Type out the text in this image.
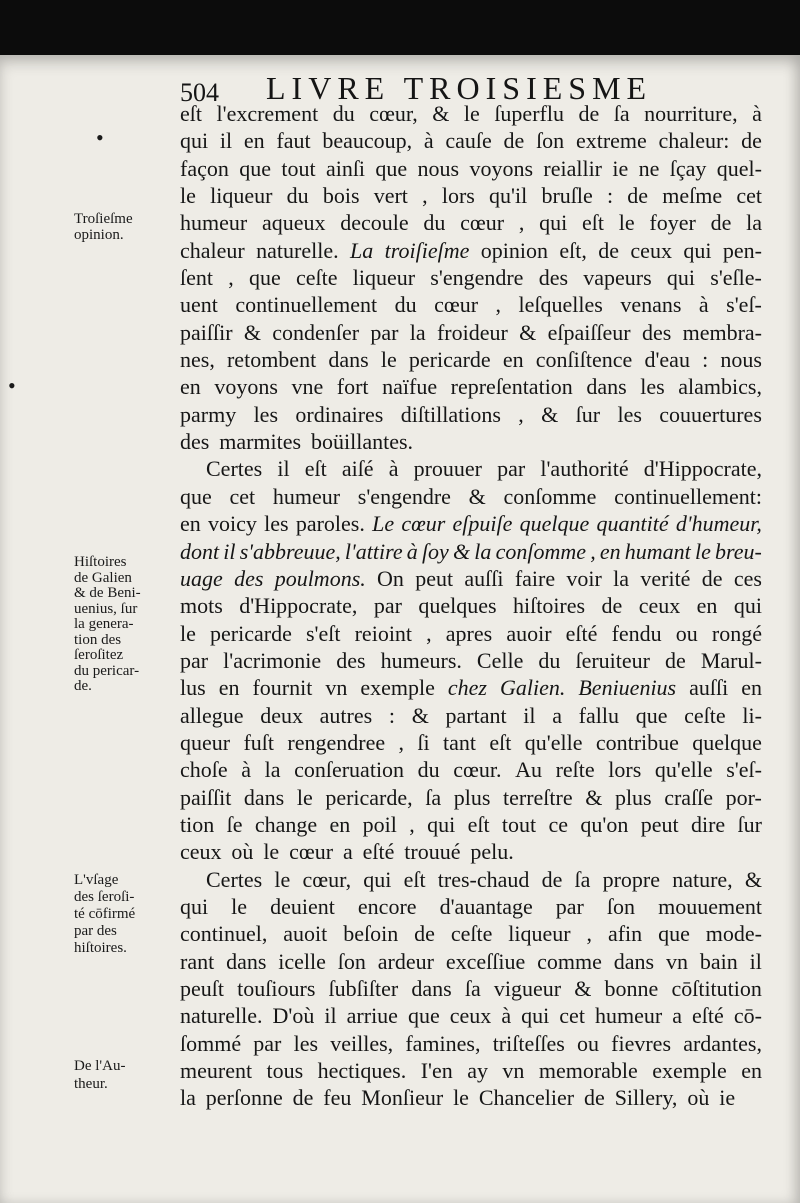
504 LIVRE TROISIESME
•
•
Troſieſme
opinion.
Hiſtoires
de Galien
& de Beni-
uenius, ſur
la genera-
tion des
ſeroſitez
du pericar-
de.
L'vſage
des ſeroſi-
té cōfirmé
par des
hiſtoires.
De l'Au-
theur.
eſt l'excrement du cœur, & le ſuperflu de ſa nourriture, à
qui il en faut beaucoup, à cauſe de ſon extreme chaleur: de
façon que tout ainſi que nous voyons reiallir ie ne ſçay quel-
le liqueur du bois vert , lors qu'il bruſle : de meſme cet
humeur aqueux decoule du cœur , qui eſt le foyer de la
chaleur naturelle. La troiſieſme opinion eſt, de ceux qui pen-
ſent , que ceſte liqueur s'engendre des vapeurs qui s'eſle-
uent continuellement du cœur , leſquelles venans à s'eſ-
paiſſir & condenſer par la froideur & eſpaiſſeur des membra-
nes, retombent dans le pericarde en conſiſtence d'eau : nous
en voyons vne fort naïfue repreſentation dans les alambics,
parmy les ordinaires diſtillations , & ſur les couuertures
des marmites boüillantes.
Certes il eſt aiſé à prouuer par l'authorité d'Hippocrate,
que cet humeur s'engendre & conſomme continuellement:
en voicy les paroles. Le cœur eſpuiſe quelque quantité d'humeur,
dont il s'abbreuue, l'attire à ſoy & la conſomme , en humant le breu-
uage des poulmons. On peut auſſi faire voir la verité de ces
mots d'Hippocrate, par quelques hiſtoires de ceux en qui
le pericarde s'eſt reioint , apres auoir eſté fendu ou rongé
par l'acrimonie des humeurs. Celle du ſeruiteur de Marul-
lus en fournit vn exemple chez Galien. Beniuenius auſſi en
allegue deux autres : & partant il a fallu que ceſte li-
queur fuſt rengendree , ſi tant eſt qu'elle contribue quelque
choſe à la conſeruation du cœur. Au reſte lors qu'elle s'eſ-
paiſſit dans le pericarde, ſa plus terreſtre & plus craſſe por-
tion ſe change en poil , qui eſt tout ce qu'on peut dire ſur
ceux où le cœur a eſté trouué pelu.
Certes le cœur, qui eſt tres-chaud de ſa propre nature, &
qui le deuient encore d'auantage par ſon mouuement
continuel, auoit beſoin de ceſte liqueur , afin que mode-
rant dans icelle ſon ardeur exceſſiue comme dans vn bain il
peuſt touſiours ſubſiſter dans ſa vigueur & bonne cōſtitution
naturelle. D'où il arriue que ceux à qui cet humeur a eſté cō-
ſommé par les veilles, famines, triſteſſes ou fievres ardantes,
meurent tous hectiques. I'en ay vn memorable exemple en
la perſonne de feu Monſieur le Chancelier de Sillery, où ie
